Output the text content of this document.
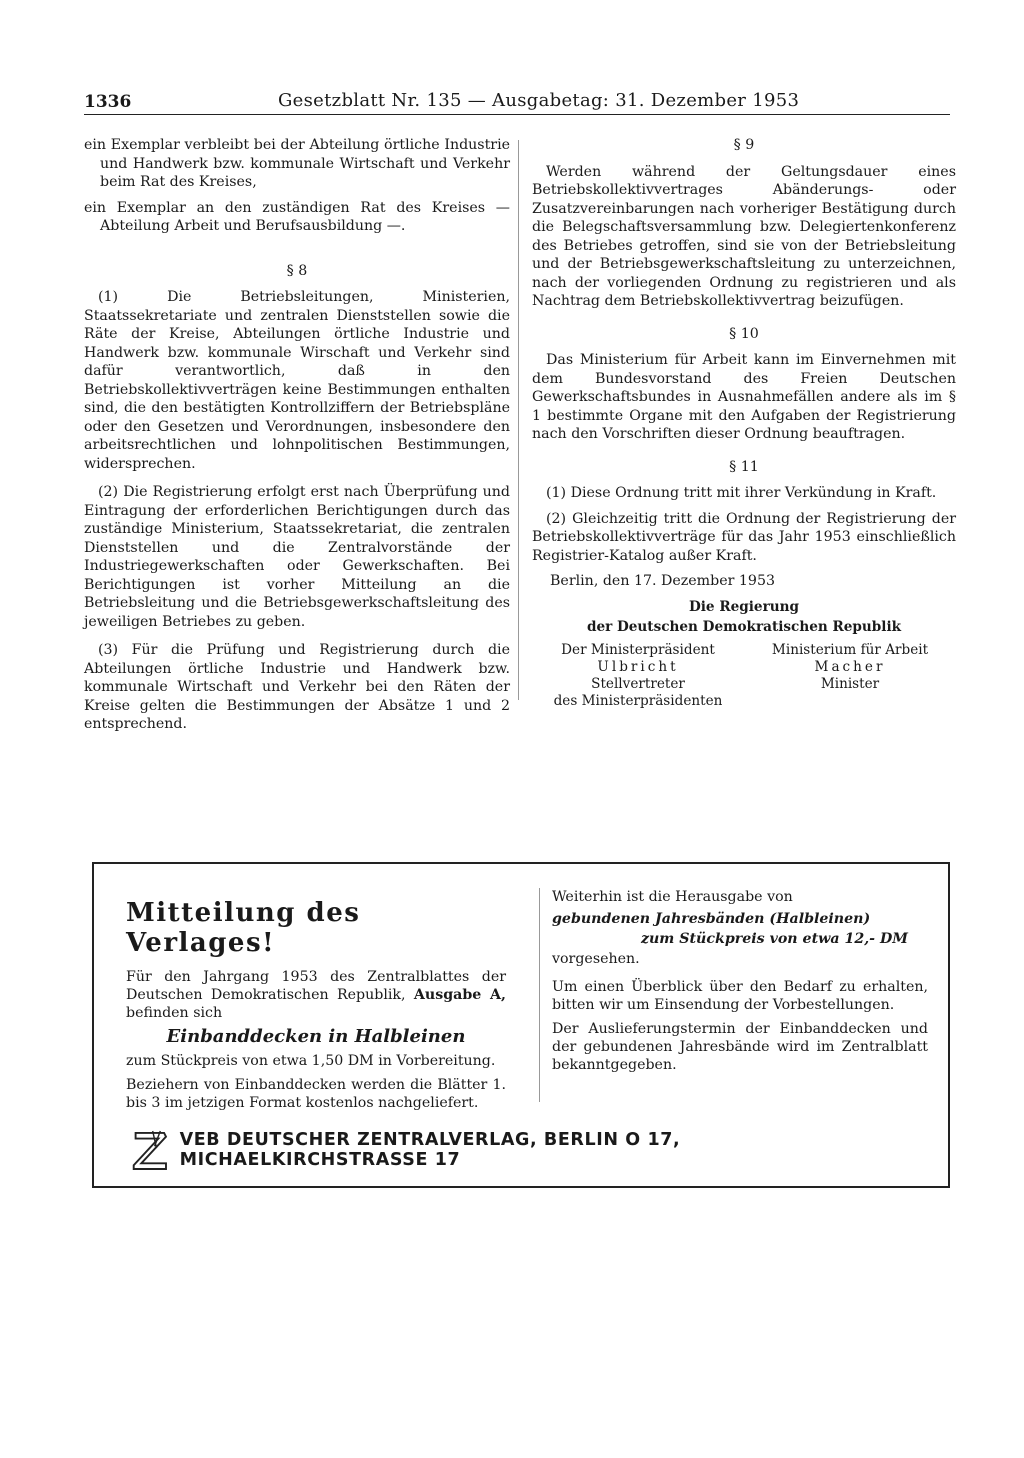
1336	Gesetzblatt Nr. 135 — Ausgabetag: 31. Dezember 1953

ein Exemplar verbleibt bei der Abteilung örtliche Industrie und Handwerk bzw. kommunale Wirtschaft und Verkehr beim Rat des Kreises,

ein Exemplar an den zuständigen Rat des Kreises — Abteilung Arbeit und Berufsausbildung —.

§ 8

(1) Die Betriebsleitungen, Ministerien, Staatssekretariate und zentralen Dienststellen sowie die Räte der Kreise, Abteilungen örtliche Industrie und Handwerk bzw. kommunale Wirschaft und Verkehr sind dafür verantwortlich, daß in den Betriebskollektivverträgen keine Bestimmungen enthalten sind, die den bestätigten Kontrollziffern der Betriebspläne oder den Gesetzen und Verordnungen, insbesondere den arbeitsrechtlichen und lohnpolitischen Bestimmungen, widersprechen.

(2) Die Registrierung erfolgt erst nach Überprüfung und Eintragung der erforderlichen Berichtigungen durch das zuständige Ministerium, Staatssekretariat, die zentralen Dienststellen und die Zentralvorstände der Industriegewerkschaften oder Gewerkschaften. Bei Berichtigungen ist vorher Mitteilung an die Betriebsleitung und die Betriebsgewerkschaftsleitung des jeweiligen Betriebes zu geben.

(3) Für die Prüfung und Registrierung durch die Abteilungen örtliche Industrie und Handwerk bzw. kommunale Wirtschaft und Verkehr bei den Räten der Kreise gelten die Bestimmungen der Absätze 1 und 2 entsprechend.

§ 9

Werden während der Geltungsdauer eines Betriebskollektivvertrages Abänderungs- oder Zusatzvereinbarungen nach vorheriger Bestätigung durch die Belegschaftsversammlung bzw. Delegiertenkonferenz des Betriebes getroffen, sind sie von der Betriebsleitung und der Betriebsgewerkschaftsleitung zu unterzeichnen, nach der vorliegenden Ordnung zu registrieren und als Nachtrag dem Betriebskollektivvertrag beizufügen.

§ 10

Das Ministerium für Arbeit kann im Einvernehmen mit dem Bundesvorstand des Freien Deutschen Gewerkschaftsbundes in Ausnahmefällen andere als im § 1 bestimmte Organe mit den Aufgaben der Registrierung nach den Vorschriften dieser Ordnung beauftragen.

§ 11

(1) Diese Ordnung tritt mit ihrer Verkündung in Kraft.

(2) Gleichzeitig tritt die Ordnung der Registrierung der Betriebskollektivverträge für das Jahr 1953 einschließlich Registrier-Katalog außer Kraft.

Berlin, den 17. Dezember 1953

Die Regierung

der Deutschen Demokratischen Republik

Der Ministerpräsident
Ulbricht
Stellvertreter
des Ministerpräsidenten
Ministerium für Arbeit
Macher
Minister

Mitteilung des Verlages!

Für den Jahrgang 1953 des Zentralblattes der Deutschen Demokratischen Republik, Ausgabe A, befinden sich

Einbanddecken in Halbleinen

zum Stückpreis von etwa 1,50 DM in Vorbereitung.

Beziehern von Einbanddecken werden die Blätter 1. bis 3 im jetzigen Format kostenlos nachgeliefert.

Weiterhin ist die Herausgabe von

gebundenen Jahresbänden (Halbleinen)

zum Stückpreis von etwa 12,- DM

vorgesehen.

Um einen Überblick über den Bedarf zu erhalten, bitten wir um Einsendung der Vorbestellungen.

Der Auslieferungstermin der Einbanddecken und der gebundenen Jahresbände wird im Zentralblatt bekanntgegeben.

VEB DEUTSCHER ZENTRALVERLAG, BERLIN O 17, MICHAELKIRCHSTRASSE 17
